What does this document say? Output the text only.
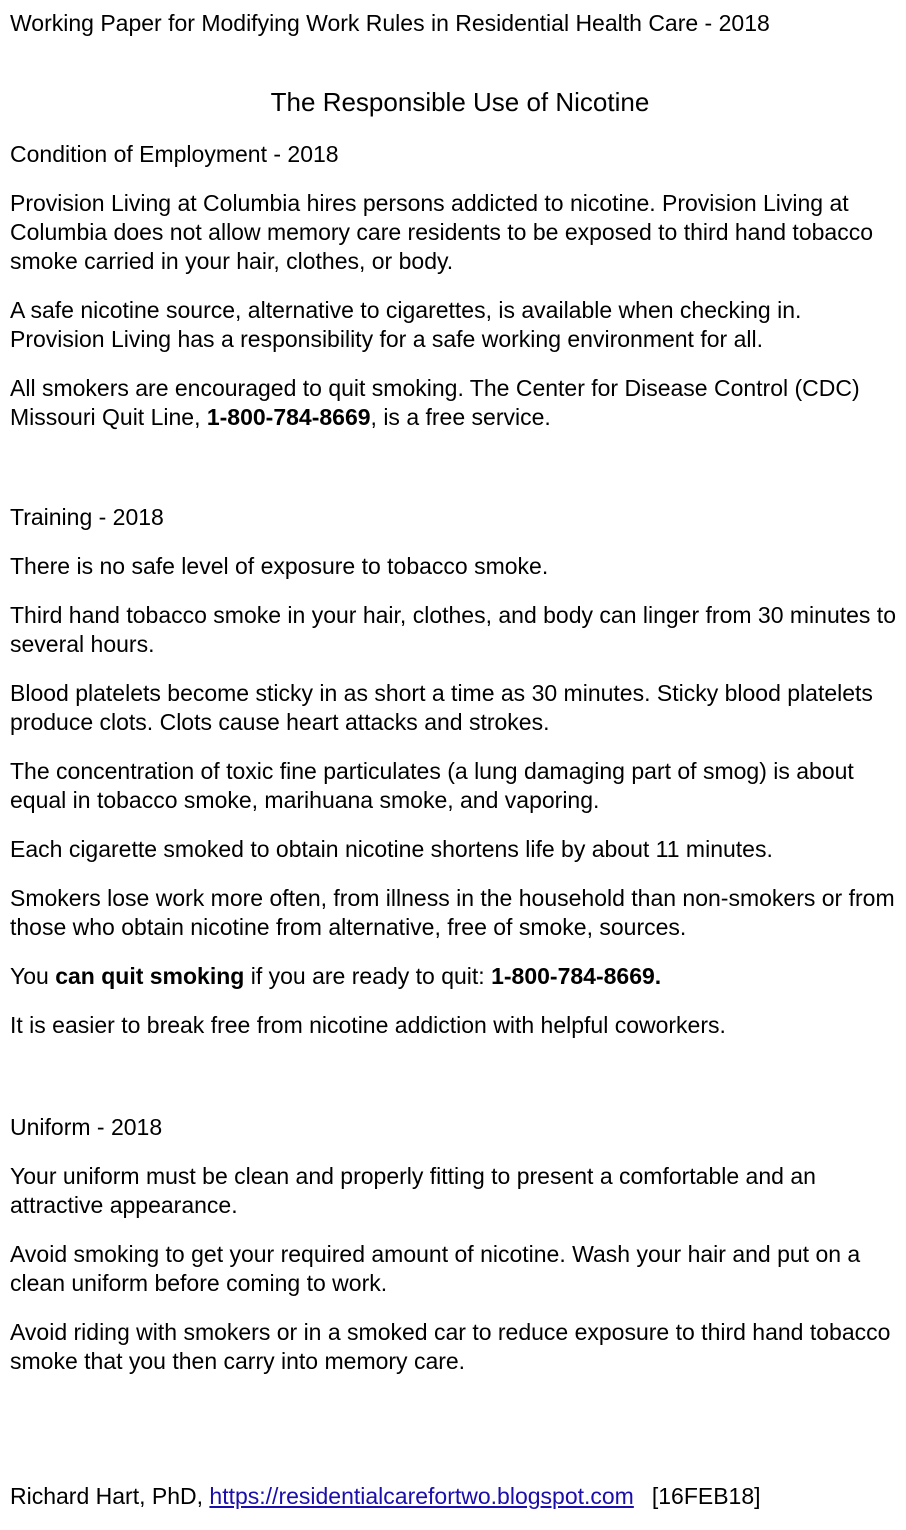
Working Paper for Modifying Work Rules in Residential Health Care - 2018
The Responsible Use of Nicotine
Condition of Employment - 2018

Provision Living at Columbia hires persons addicted to nicotine. Provision Living at Columbia does not allow memory care residents to be exposed to third hand tobacco smoke carried in your hair, clothes, or body.

A safe nicotine source, alternative to cigarettes, is available when checking in. Provision Living has a responsibility for a safe working environment for all.

All smokers are encouraged to quit smoking. The Center for Disease Control (CDC) Missouri Quit Line, 1-800-784-8669, is a free service.

Training - 2018

There is no safe level of exposure to tobacco smoke.

Third hand tobacco smoke in your hair, clothes, and body can linger from 30 minutes to several hours.

Blood platelets become sticky in as short a time as 30 minutes. Sticky blood platelets produce clots. Clots cause heart attacks and strokes.

The concentration of toxic fine particulates (a lung damaging part of smog) is about equal in tobacco smoke, marihuana smoke, and vaporing.

Each cigarette smoked to obtain nicotine shortens life by about 11 minutes.

Smokers lose work more often, from illness in the household than non-smokers or from those who obtain nicotine from alternative, free of smoke, sources.

You can quit smoking if you are ready to quit: 1-800-784-8669.

It is easier to break free from nicotine addiction with helpful coworkers.

Uniform - 2018

Your uniform must be clean and properly fitting to present a comfortable and an attractive appearance.

Avoid smoking to get your required amount of nicotine. Wash your hair and put on a clean uniform before coming to work.

Avoid riding with smokers or in a smoked car to reduce exposure to third hand tobacco smoke that you then carry into memory care.

Richard Hart, PhD, https://residentialcarefortwo.blogspot.com [16FEB18]
